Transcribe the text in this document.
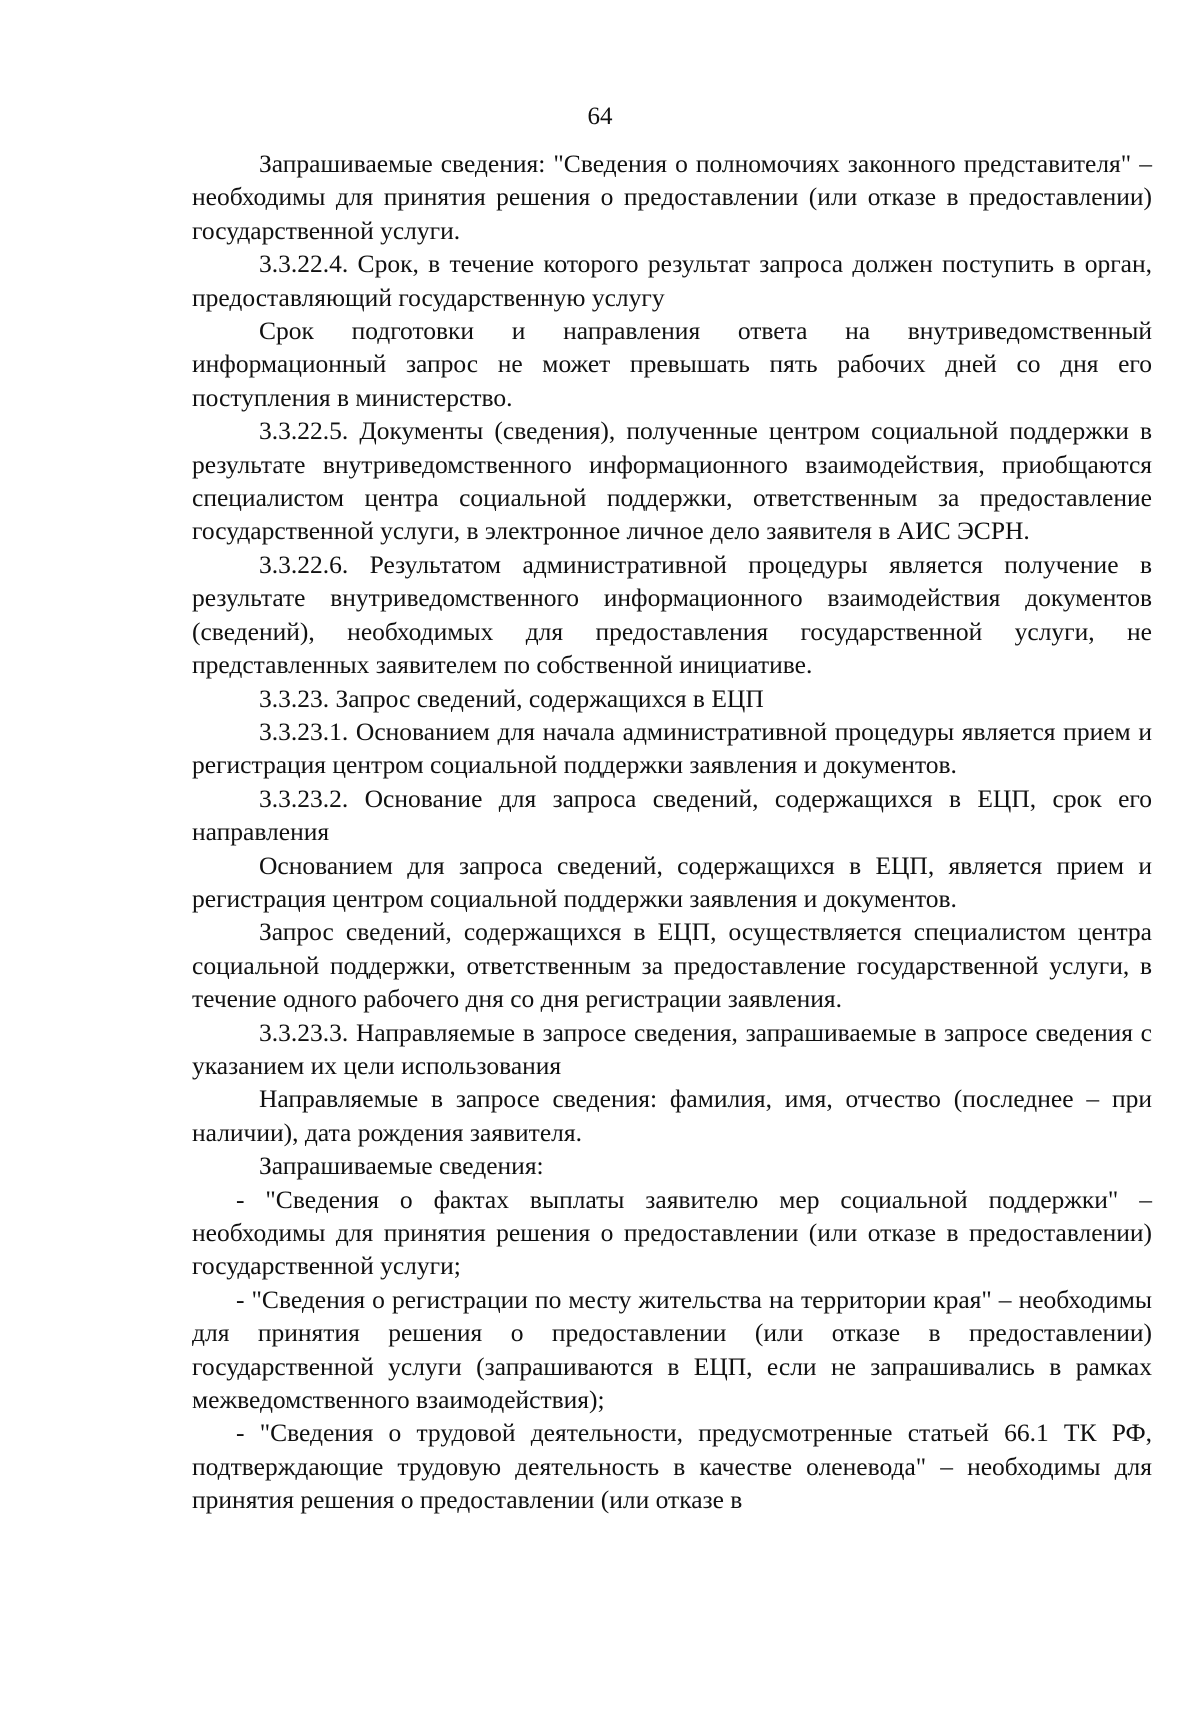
64

Запрашиваемые сведения: "Сведения о полномочиях законного представителя" – необходимы для принятия решения о предоставлении (или отказе в предоставлении) государственной услуги.

3.3.22.4. Срок, в течение которого результат запроса должен поступить в орган, предоставляющий государственную услугу

Срок подготовки и направления ответа на внутриведомственный информационный запрос не может превышать пять рабочих дней со дня его поступления в министерство.

3.3.22.5. Документы (сведения), полученные центром социальной поддержки в результате внутриведомственного информационного взаимодействия, приобщаются специалистом центра социальной поддержки, ответственным за предоставление государственной услуги, в электронное личное дело заявителя в АИС ЭСРН.

3.3.22.6. Результатом административной процедуры является получение в результате внутриведомственного информационного взаимодействия документов (сведений), необходимых для предоставления государственной услуги, не представленных заявителем по собственной инициативе.

3.3.23. Запрос сведений, содержащихся в ЕЦП

3.3.23.1. Основанием для начала административной процедуры является прием и регистрация центром социальной поддержки заявления и документов.

3.3.23.2. Основание для запроса сведений, содержащихся в ЕЦП, срок его направления

Основанием для запроса сведений, содержащихся в ЕЦП, является прием и регистрация центром социальной поддержки заявления и документов.

Запрос сведений, содержащихся в ЕЦП, осуществляется специалистом центра социальной поддержки, ответственным за предоставление государственной услуги, в течение одного рабочего дня со дня регистрации заявления.

3.3.23.3. Направляемые в запросе сведения, запрашиваемые в запросе сведения с указанием их цели использования

Направляемые в запросе сведения: фамилия, имя, отчество (последнее – при наличии), дата рождения заявителя.

Запрашиваемые сведения:

- "Сведения о фактах выплаты заявителю мер социальной поддержки" – необходимы для принятия решения о предоставлении (или отказе в предоставлении) государственной услуги;

- "Сведения о регистрации по месту жительства на территории края" – необходимы для принятия решения о предоставлении (или отказе в предоставлении) государственной услуги (запрашиваются в ЕЦП, если не запрашивались в рамках межведомственного взаимодействия);

- "Сведения о трудовой деятельности, предусмотренные статьей 66.1 ТК РФ, подтверждающие трудовую деятельность в качестве оленевода" – необходимы для принятия решения о предоставлении (или отказе в
